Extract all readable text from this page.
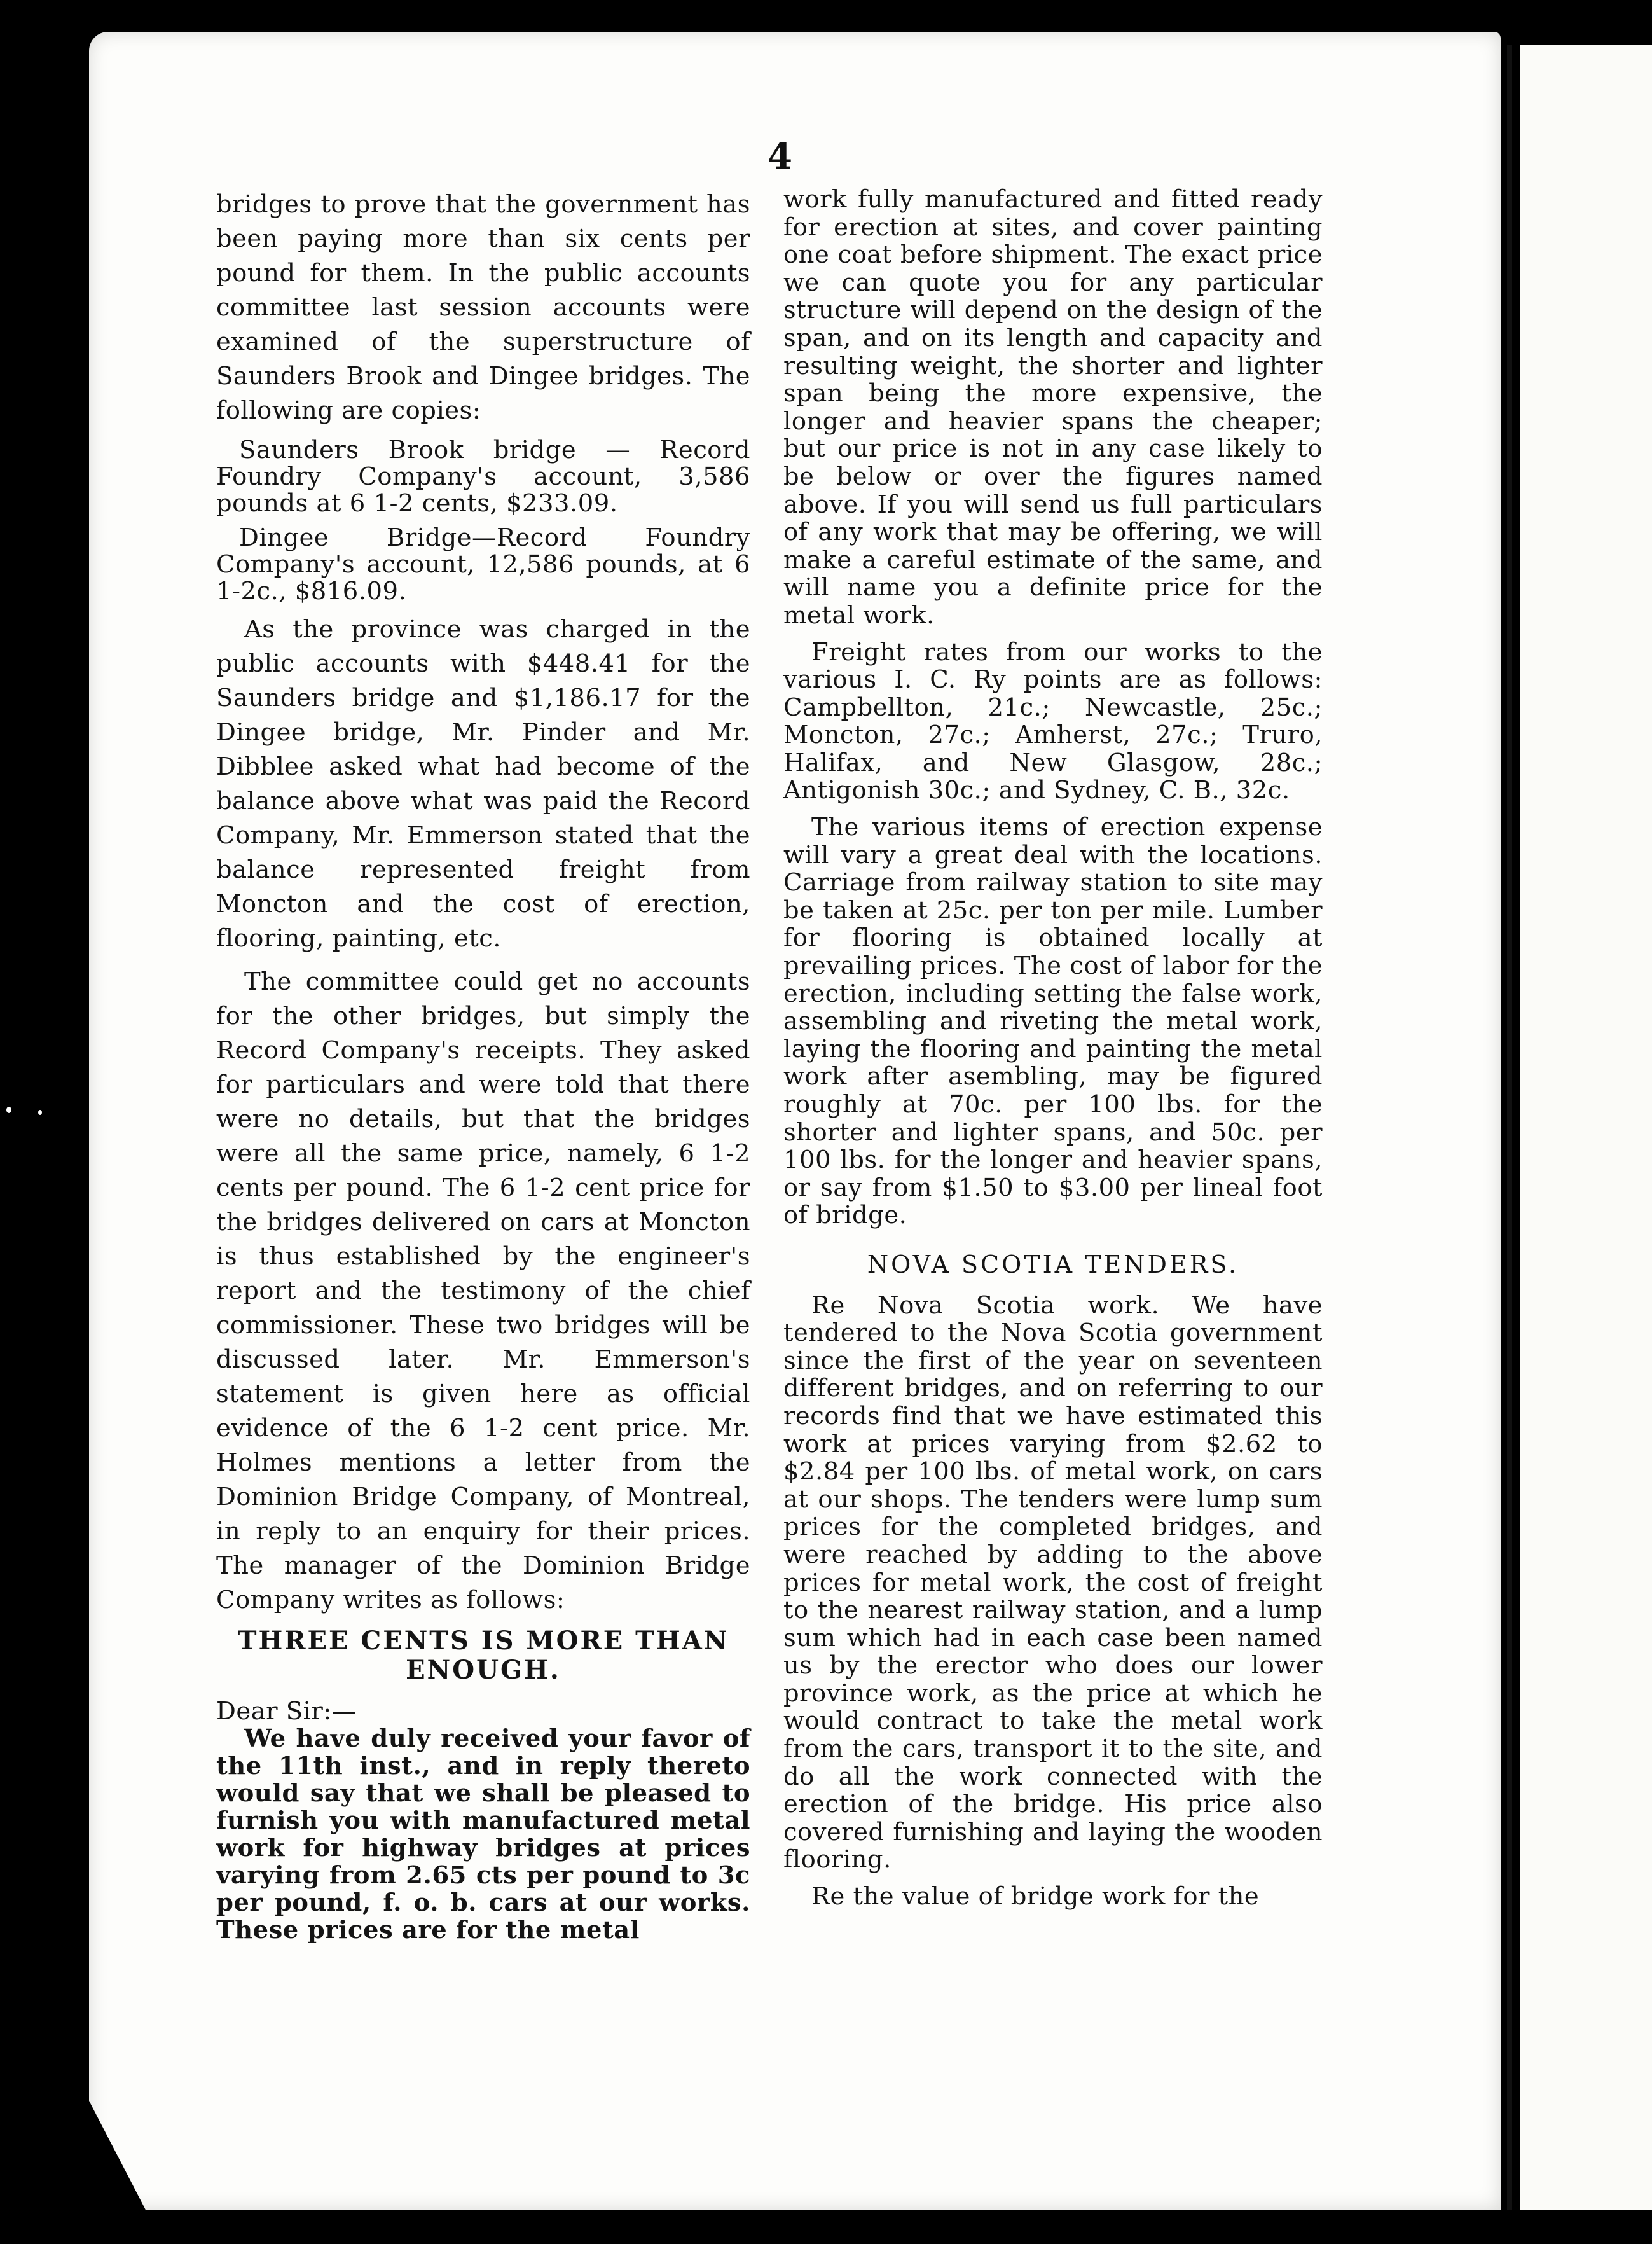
4

bridges to prove that the government has been paying more than six cents per pound for them. In the public accounts committee last session accounts were examined of the superstructure of Saunders Brook and Dingee bridges. The following are copies:

Saunders Brook bridge — Record Foundry Company's account, 3,586 pounds at 6 1-2 cents, $233.09.

Dingee Bridge—Record Foundry Company's account, 12,586 pounds, at 6 1-2c., $816.09.

As the province was charged in the public accounts with $448.41 for the Saunders bridge and $1,186.17 for the Dingee bridge, Mr. Pinder and Mr. Dibblee asked what had become of the balance above what was paid the Record Company, Mr. Emmerson stated that the balance represented freight from Moncton and the cost of erection, flooring, painting, etc.

The committee could get no accounts for the other bridges, but simply the Record Company's receipts. They asked for particulars and were told that there were no details, but that the bridges were all the same price, namely, 6 1-2 cents per pound. The 6 1-2 cent price for the bridges delivered on cars at Moncton is thus established by the engineer's report and the testimony of the chief commissioner. These two bridges will be discussed later. Mr. Emmerson's statement is given here as official evidence of the 6 1-2 cent price. Mr. Holmes mentions a letter from the Dominion Bridge Company, of Montreal, in reply to an enquiry for their prices. The manager of the Dominion Bridge Company writes as follows:

THREE CENTS IS MORE THAN ENOUGH.

Dear Sir:—

We have duly received your favor of the 11th inst., and in reply thereto would say that we shall be pleased to furnish you with manufactured metal work for highway bridges at prices varying from 2.65 cts per pound to 3c per pound, f. o. b. cars at our works. These prices are for the metal

work fully manufactured and fitted ready for erection at sites, and cover painting one coat before shipment. The exact price we can quote you for any particular structure will depend on the design of the span, and on its length and capacity and resulting weight, the shorter and lighter span being the more expensive, the longer and heavier spans the cheaper; but our price is not in any case likely to be below or over the figures named above. If you will send us full particulars of any work that may be offering, we will make a careful estimate of the same, and will name you a definite price for the metal work.

Freight rates from our works to the various I. C. Ry points are as follows: Campbellton, 21c.; Newcastle, 25c.; Moncton, 27c.; Amherst, 27c.; Truro, Halifax, and New Glasgow, 28c.; Antigonish 30c.; and Sydney, C. B., 32c.

The various items of erection expense will vary a great deal with the locations. Carriage from railway station to site may be taken at 25c. per ton per mile. Lumber for flooring is obtained locally at prevailing prices. The cost of labor for the erection, including setting the false work, assembling and riveting the metal work, laying the flooring and painting the metal work after asembling, may be figured roughly at 70c. per 100 lbs. for the shorter and lighter spans, and 50c. per 100 lbs. for the longer and heavier spans, or say from $1.50 to $3.00 per lineal foot of bridge.

NOVA SCOTIA TENDERS.

Re Nova Scotia work. We have tendered to the Nova Scotia government since the first of the year on seventeen different bridges, and on referring to our records find that we have estimated this work at prices varying from $2.62 to $2.84 per 100 lbs. of metal work, on cars at our shops. The tenders were lump sum prices for the completed bridges, and were reached by adding to the above prices for metal work, the cost of freight to the nearest railway station, and a lump sum which had in each case been named us by the erector who does our lower province work, as the price at which he would contract to take the metal work from the cars, transport it to the site, and do all the work connected with the erection of the bridge. His price also covered furnishing and laying the wooden flooring.

Re the value of bridge work for the
